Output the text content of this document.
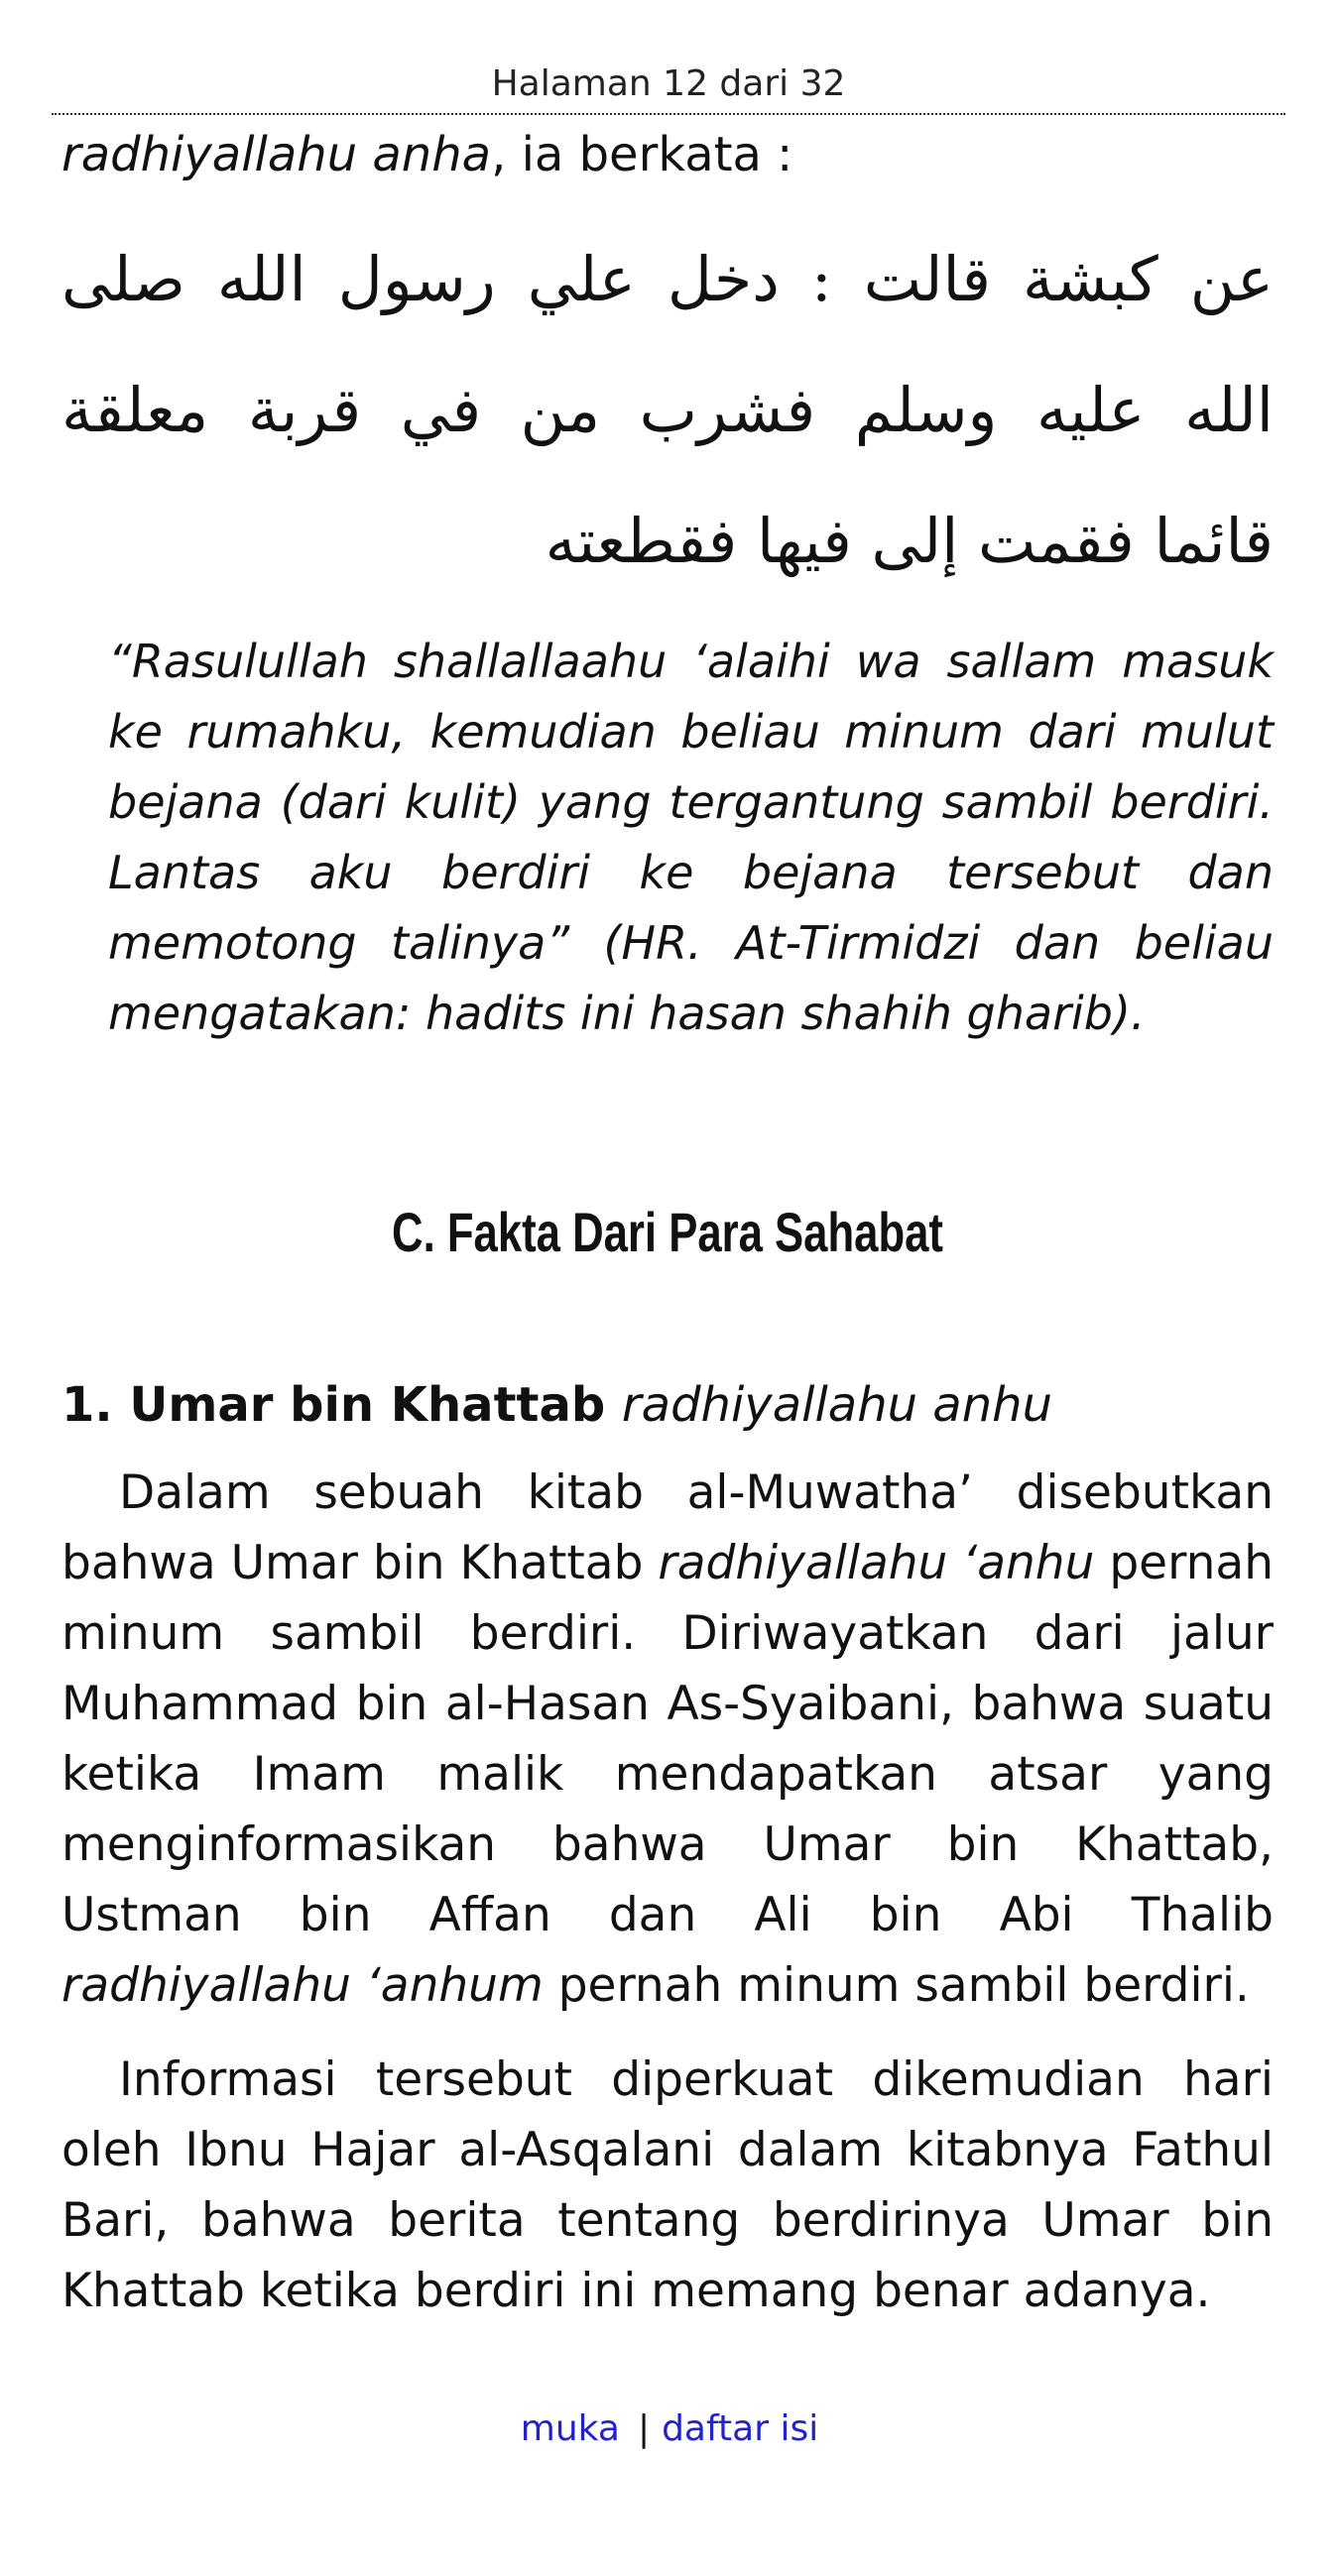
Halaman 12 dari 32

radhiyallahu anha, ia berkata :

عن كبشة قالت : دخل علي رسول الله صلى الله عليه وسلم فشرب من في قربة معلقة قائما فقمت إلى فيها فقطعته

“Rasulullah shallallaahu ‘alaihi wa sallam masuk ke rumahku, kemudian beliau minum dari mulut bejana (dari kulit) yang tergantung sambil berdiri. Lantas aku berdiri ke bejana tersebut dan memotong talinya” (HR. At-Tirmidzi dan beliau mengatakan: hadits ini hasan shahih gharib).

C. Fakta Dari Para Sahabat
1. Umar bin Khattab radhiyallahu anhu

Dalam sebuah kitab al-Muwatha’ disebutkan bahwa Umar bin Khattab radhiyallahu ‘anhu pernah minum sambil berdiri. Diriwayatkan dari jalur Muhammad bin al-Hasan As-Syaibani, bahwa suatu ketika Imam malik mendapatkan atsar yang menginformasikan bahwa Umar bin Khattab, Ustman bin Affan dan Ali bin Abi Thalib radhiyallahu ‘anhum pernah minum sambil berdiri.

Informasi tersebut diperkuat dikemudian hari oleh Ibnu Hajar al-Asqalani dalam kitabnya Fathul Bari, bahwa berita tentang berdirinya Umar bin Khattab ketika berdiri ini memang benar adanya.

muka | daftar isi
